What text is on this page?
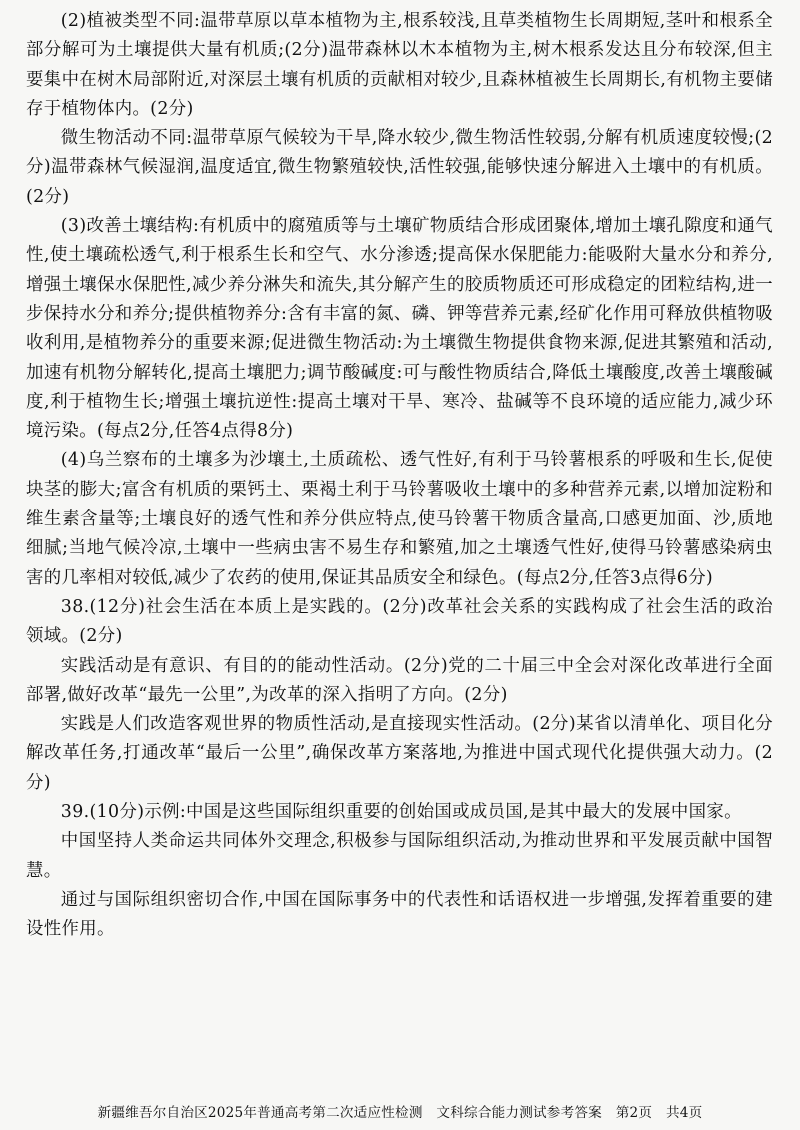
(2)植被类型不同:温带草原以草本植物为主,根系较浅,且草类植物生长周期短,茎叶和根系全部分解可为土壤提供大量有机质;(2分)温带森林以木本植物为主,树木根系发达且分布较深,但主要集中在树木局部附近,对深层土壤有机质的贡献相对较少,且森林植被生长周期长,有机物主要储存于植物体内。(2分)

微生物活动不同:温带草原气候较为干旱,降水较少,微生物活性较弱,分解有机质速度较慢;(2分)温带森林气候湿润,温度适宜,微生物繁殖较快,活性较强,能够快速分解进入土壤中的有机质。(2分)

(3)改善土壤结构:有机质中的腐殖质等与土壤矿物质结合形成团聚体,增加土壤孔隙度和通气性,使土壤疏松透气,利于根系生长和空气、水分渗透;提高保水保肥能力:能吸附大量水分和养分,增强土壤保水保肥性,减少养分淋失和流失,其分解产生的胶质物质还可形成稳定的团粒结构,进一步保持水分和养分;提供植物养分:含有丰富的氮、磷、钾等营养元素,经矿化作用可释放供植物吸收利用,是植物养分的重要来源;促进微生物活动:为土壤微生物提供食物来源,促进其繁殖和活动,加速有机物分解转化,提高土壤肥力;调节酸碱度:可与酸性物质结合,降低土壤酸度,改善土壤酸碱度,利于植物生长;增强土壤抗逆性:提高土壤对干旱、寒冷、盐碱等不良环境的适应能力,减少环境污染。(每点2分,任答4点得8分)

(4)乌兰察布的土壤多为沙壤土,土质疏松、透气性好,有利于马铃薯根系的呼吸和生长,促使块茎的膨大;富含有机质的栗钙土、栗褐土利于马铃薯吸收土壤中的多种营养元素,以增加淀粉和维生素含量等;土壤良好的透气性和养分供应特点,使马铃薯干物质含量高,口感更加面、沙,质地细腻;当地气候冷凉,土壤中一些病虫害不易生存和繁殖,加之土壤透气性好,使得马铃薯感染病虫害的几率相对较低,减少了农药的使用,保证其品质安全和绿色。(每点2分,任答3点得6分)

38.(12分)社会生活在本质上是实践的。(2分)改革社会关系的实践构成了社会生活的政治领域。(2分)

实践活动是有意识、有目的的能动性活动。(2分)党的二十届三中全会对深化改革进行全面部署,做好改革“最先一公里”,为改革的深入指明了方向。(2分)

实践是人们改造客观世界的物质性活动,是直接现实性活动。(2分)某省以清单化、项目化分解改革任务,打通改革“最后一公里”,确保改革方案落地,为推进中国式现代化提供强大动力。(2分)

39.(10分)示例:中国是这些国际组织重要的创始国或成员国,是其中最大的发展中国家。

中国坚持人类命运共同体外交理念,积极参与国际组织活动,为推动世界和平发展贡献中国智慧。

通过与国际组织密切合作,中国在国际事务中的代表性和话语权进一步增强,发挥着重要的建设性作用。

新疆维吾尔自治区2025年普通高考第二次适应性检测　文科综合能力测试参考答案　第2页　共4页
